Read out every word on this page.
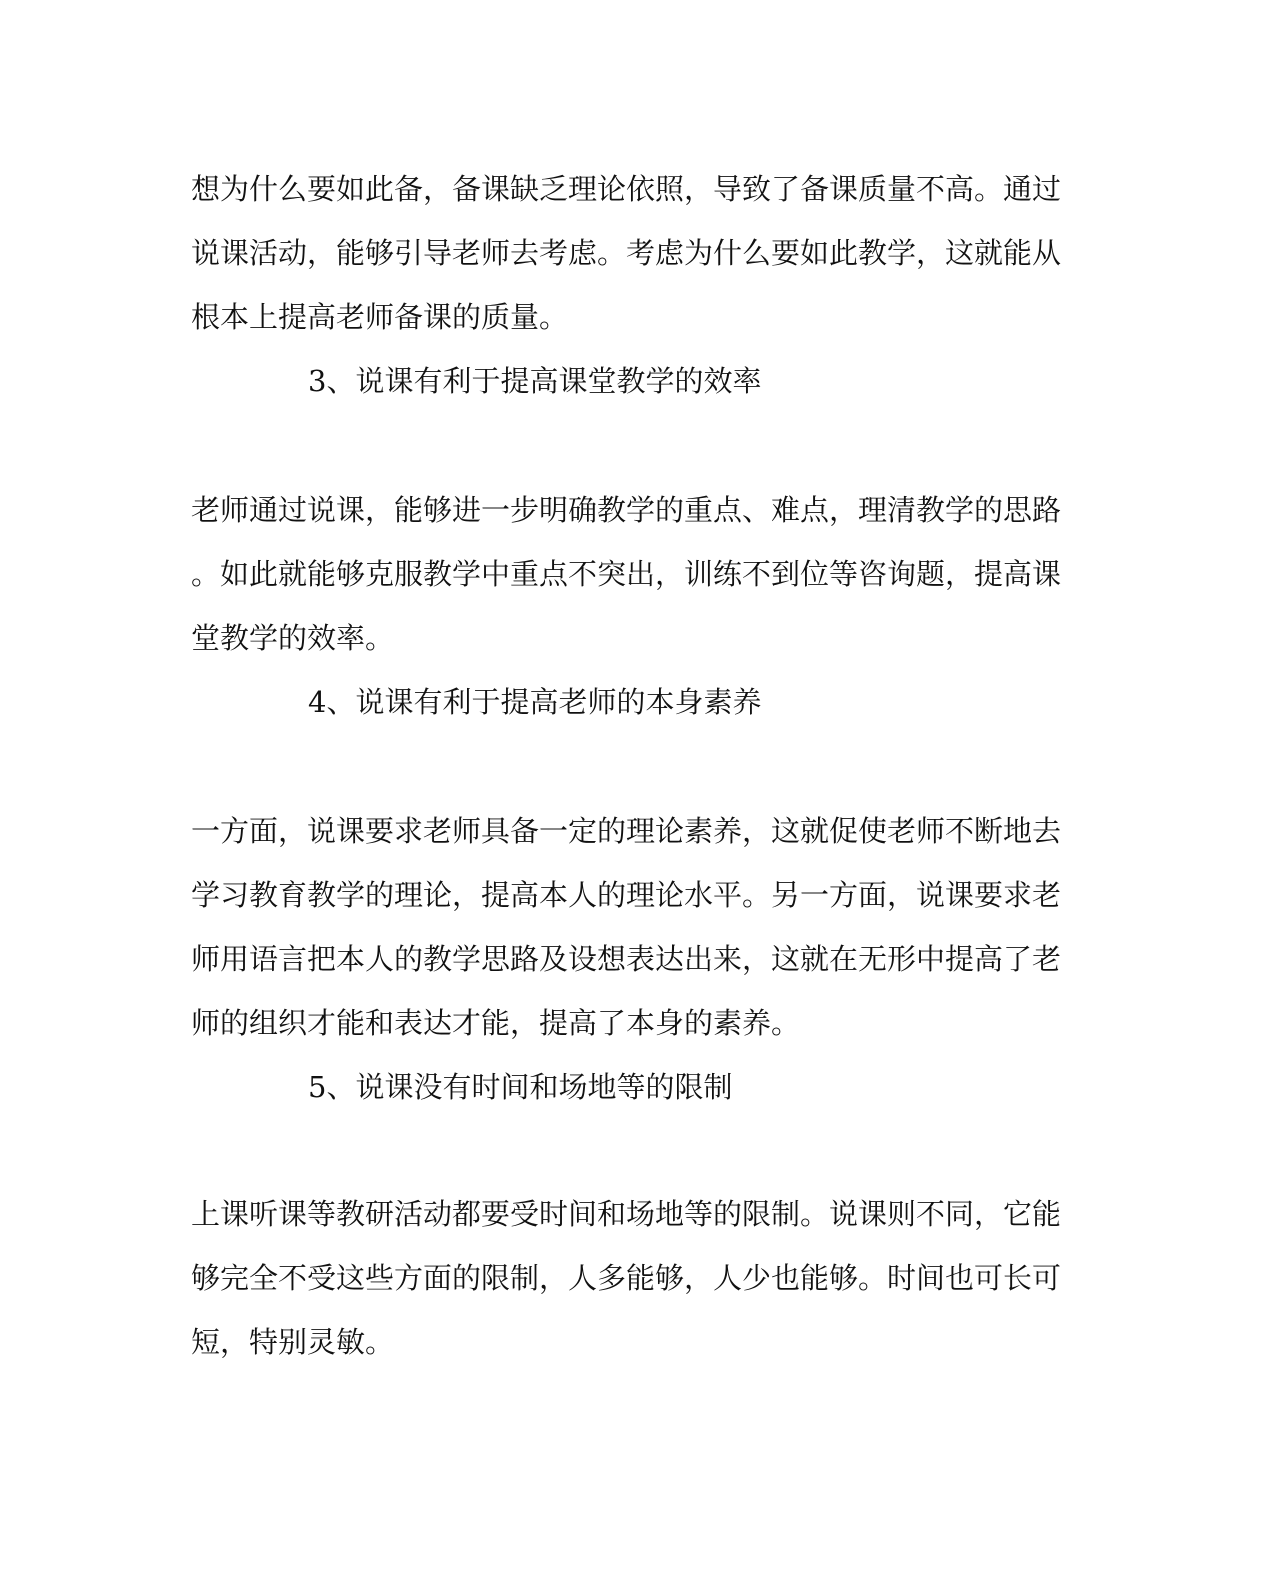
想为什么要如此备，备课缺乏理论依照，导致了备课质量不高。通过
说课活动，能够引导老师去考虑。考虑为什么要如此教学，这就能从
根本上提高老师备课的质量。
3、说课有利于提高课堂教学的效率
老师通过说课，能够进一步明确教学的重点、难点，理清教学的思路
。如此就能够克服教学中重点不突出，训练不到位等咨询题，提高课
堂教学的效率。
4、说课有利于提高老师的本身素养
一方面，说课要求老师具备一定的理论素养，这就促使老师不断地去
学习教育教学的理论，提高本人的理论水平。另一方面，说课要求老
师用语言把本人的教学思路及设想表达出来，这就在无形中提高了老
师的组织才能和表达才能，提高了本身的素养。
5、说课没有时间和场地等的限制
上课听课等教研活动都要受时间和场地等的限制。说课则不同，它能
够完全不受这些方面的限制，人多能够，人少也能够。时间也可长可
短，特别灵敏。
